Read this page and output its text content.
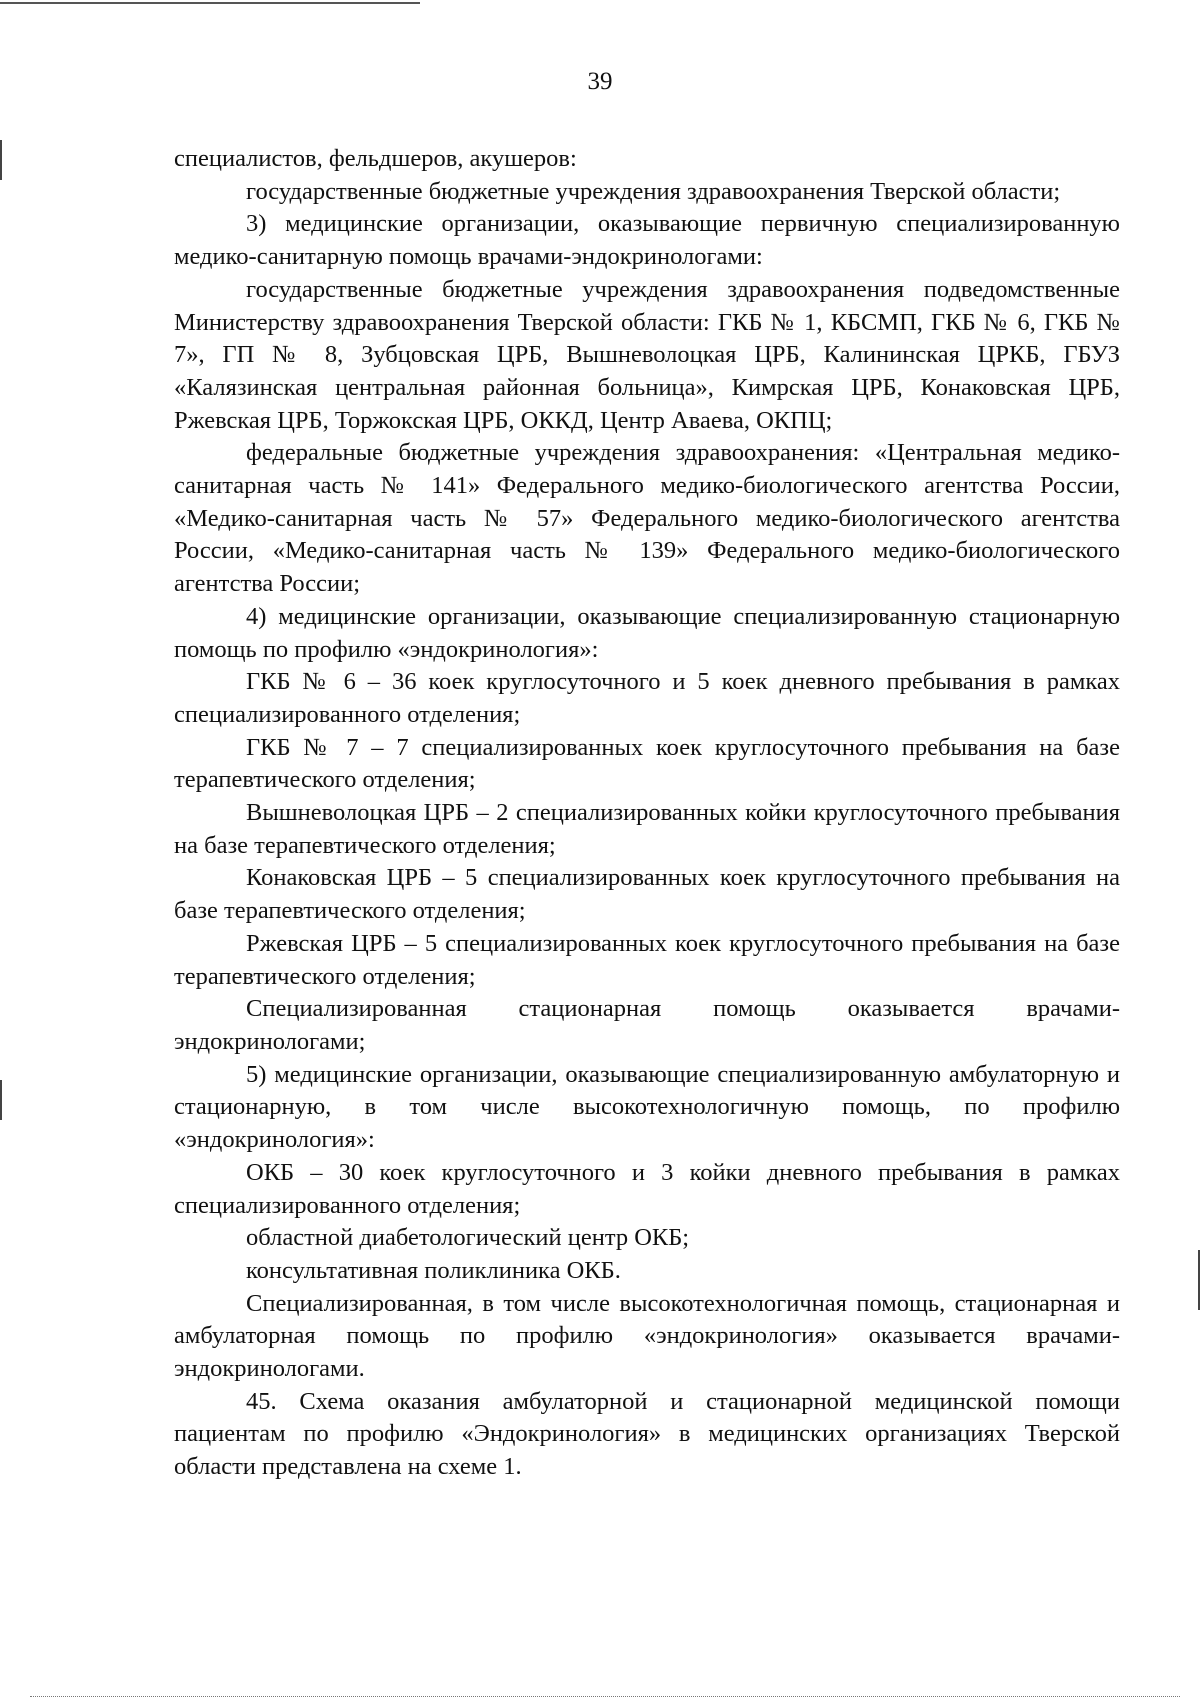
39

специалистов, фельдшеров, акушеров:

государственные бюджетные учреждения здравоохранения Тверской области;

3) медицинские организации, оказывающие первичную специализированную медико-санитарную помощь врачами-эндокринологами:

государственные бюджетные учреждения здравоохранения подведомственные Министерству здравоохранения Тверской области: ГКБ № 1, КБСМП, ГКБ № 6, ГКБ № 7», ГП № 8, Зубцовская ЦРБ, Вышневолоцкая ЦРБ, Калининская ЦРКБ, ГБУЗ «Калязинская центральная районная больница», Кимрская ЦРБ, Конаковская ЦРБ, Ржевская ЦРБ, Торжокская ЦРБ, ОККД, Центр Аваева, ОКПЦ;

федеральные бюджетные учреждения здравоохранения: «Центральная медико-санитарная часть № 141» Федерального медико-биологического агентства России, «Медико-санитарная часть № 57» Федерального медико-биологического агентства России, «Медико-санитарная часть № 139» Федерального медико-биологического агентства России;

4) медицинские организации, оказывающие специализированную стационарную помощь по профилю «эндокринология»:

ГКБ № 6 – 36 коек круглосуточного и 5 коек дневного пребывания в рамках специализированного отделения;

ГКБ № 7 – 7 специализированных коек круглосуточного пребывания на базе терапевтического отделения;

Вышневолоцкая ЦРБ – 2 специализированных койки круглосуточного пребывания на базе терапевтического отделения;

Конаковская ЦРБ – 5 специализированных коек круглосуточного пребывания на базе терапевтического отделения;

Ржевская ЦРБ – 5 специализированных коек круглосуточного пребывания на базе терапевтического отделения;

Специализированная стационарная помощь оказывается врачами-эндокринологами;

5) медицинские организации, оказывающие специализированную амбулаторную и стационарную, в том числе высокотехнологичную помощь, по профилю «эндокринология»:

ОКБ – 30 коек круглосуточного и 3 койки дневного пребывания в рамках специализированного отделения;

областной диабетологический центр ОКБ;

консультативная поликлиника ОКБ.

Специализированная, в том числе высокотехнологичная помощь, стационарная и амбулаторная помощь по профилю «эндокринология» оказывается врачами-эндокринологами.

45. Схема оказания амбулаторной и стационарной медицинской помощи пациентам по профилю «Эндокринология» в медицинских организациях Тверской области представлена на схеме 1.
